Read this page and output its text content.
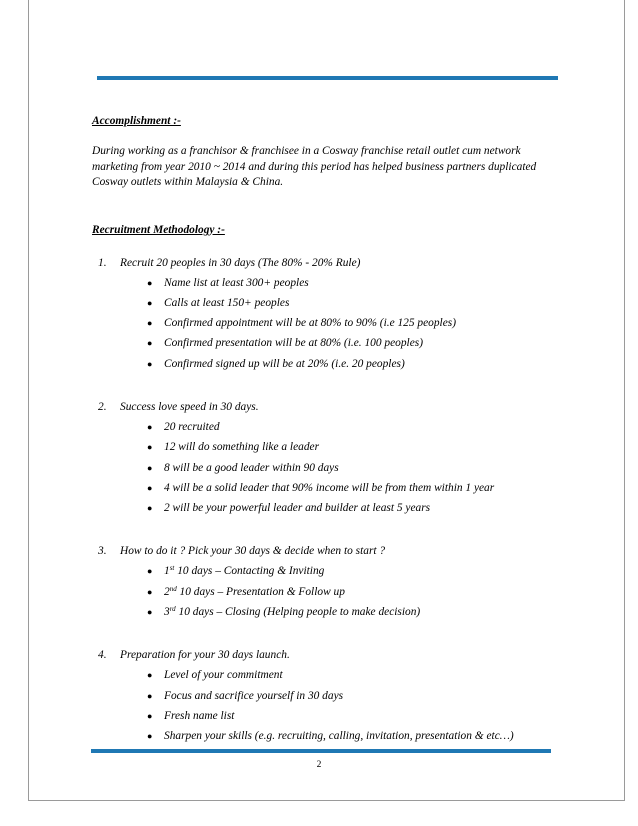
Accomplishment :-

During working as a franchisor & franchisee in a Cosway franchise retail outlet cum network marketing from year 2010 ~ 2014 and during this period has helped business partners duplicated Cosway outlets within Malaysia & China.

Recruitment Methodology :-

1.	Recruit 20 peoples in 30 days (The 80% - 20% Rule)
●	Name list at least 300+ peoples
●	Calls at least 150+ peoples
●	Confirmed appointment will be at 80% to 90% (i.e 125 peoples)
●	Confirmed presentation will be at 80% (i.e. 100 peoples)
●	Confirmed signed up will be at 20% (i.e. 20 peoples)
2.	Success love speed in 30 days.
●	20 recruited
●	12 will do something like a leader
●	8 will be a good leader within 90 days
●	4 will be a solid leader that 90% income will be from them within 1 year
●	2 will be your powerful leader and builder at least 5 years
3.	How to do it ? Pick your 30 days & decide when to start ?
●	1st 10 days – Contacting & Inviting
●	2nd 10 days – Presentation & Follow up
●	3rd 10 days – Closing (Helping people to make decision)
4.	Preparation for your 30 days launch.
●	Level of your commitment
●	Focus and sacrifice yourself in 30 days
●	Fresh name list
●	Sharpen your skills (e.g. recruiting, calling, invitation, presentation & etc…)
2
